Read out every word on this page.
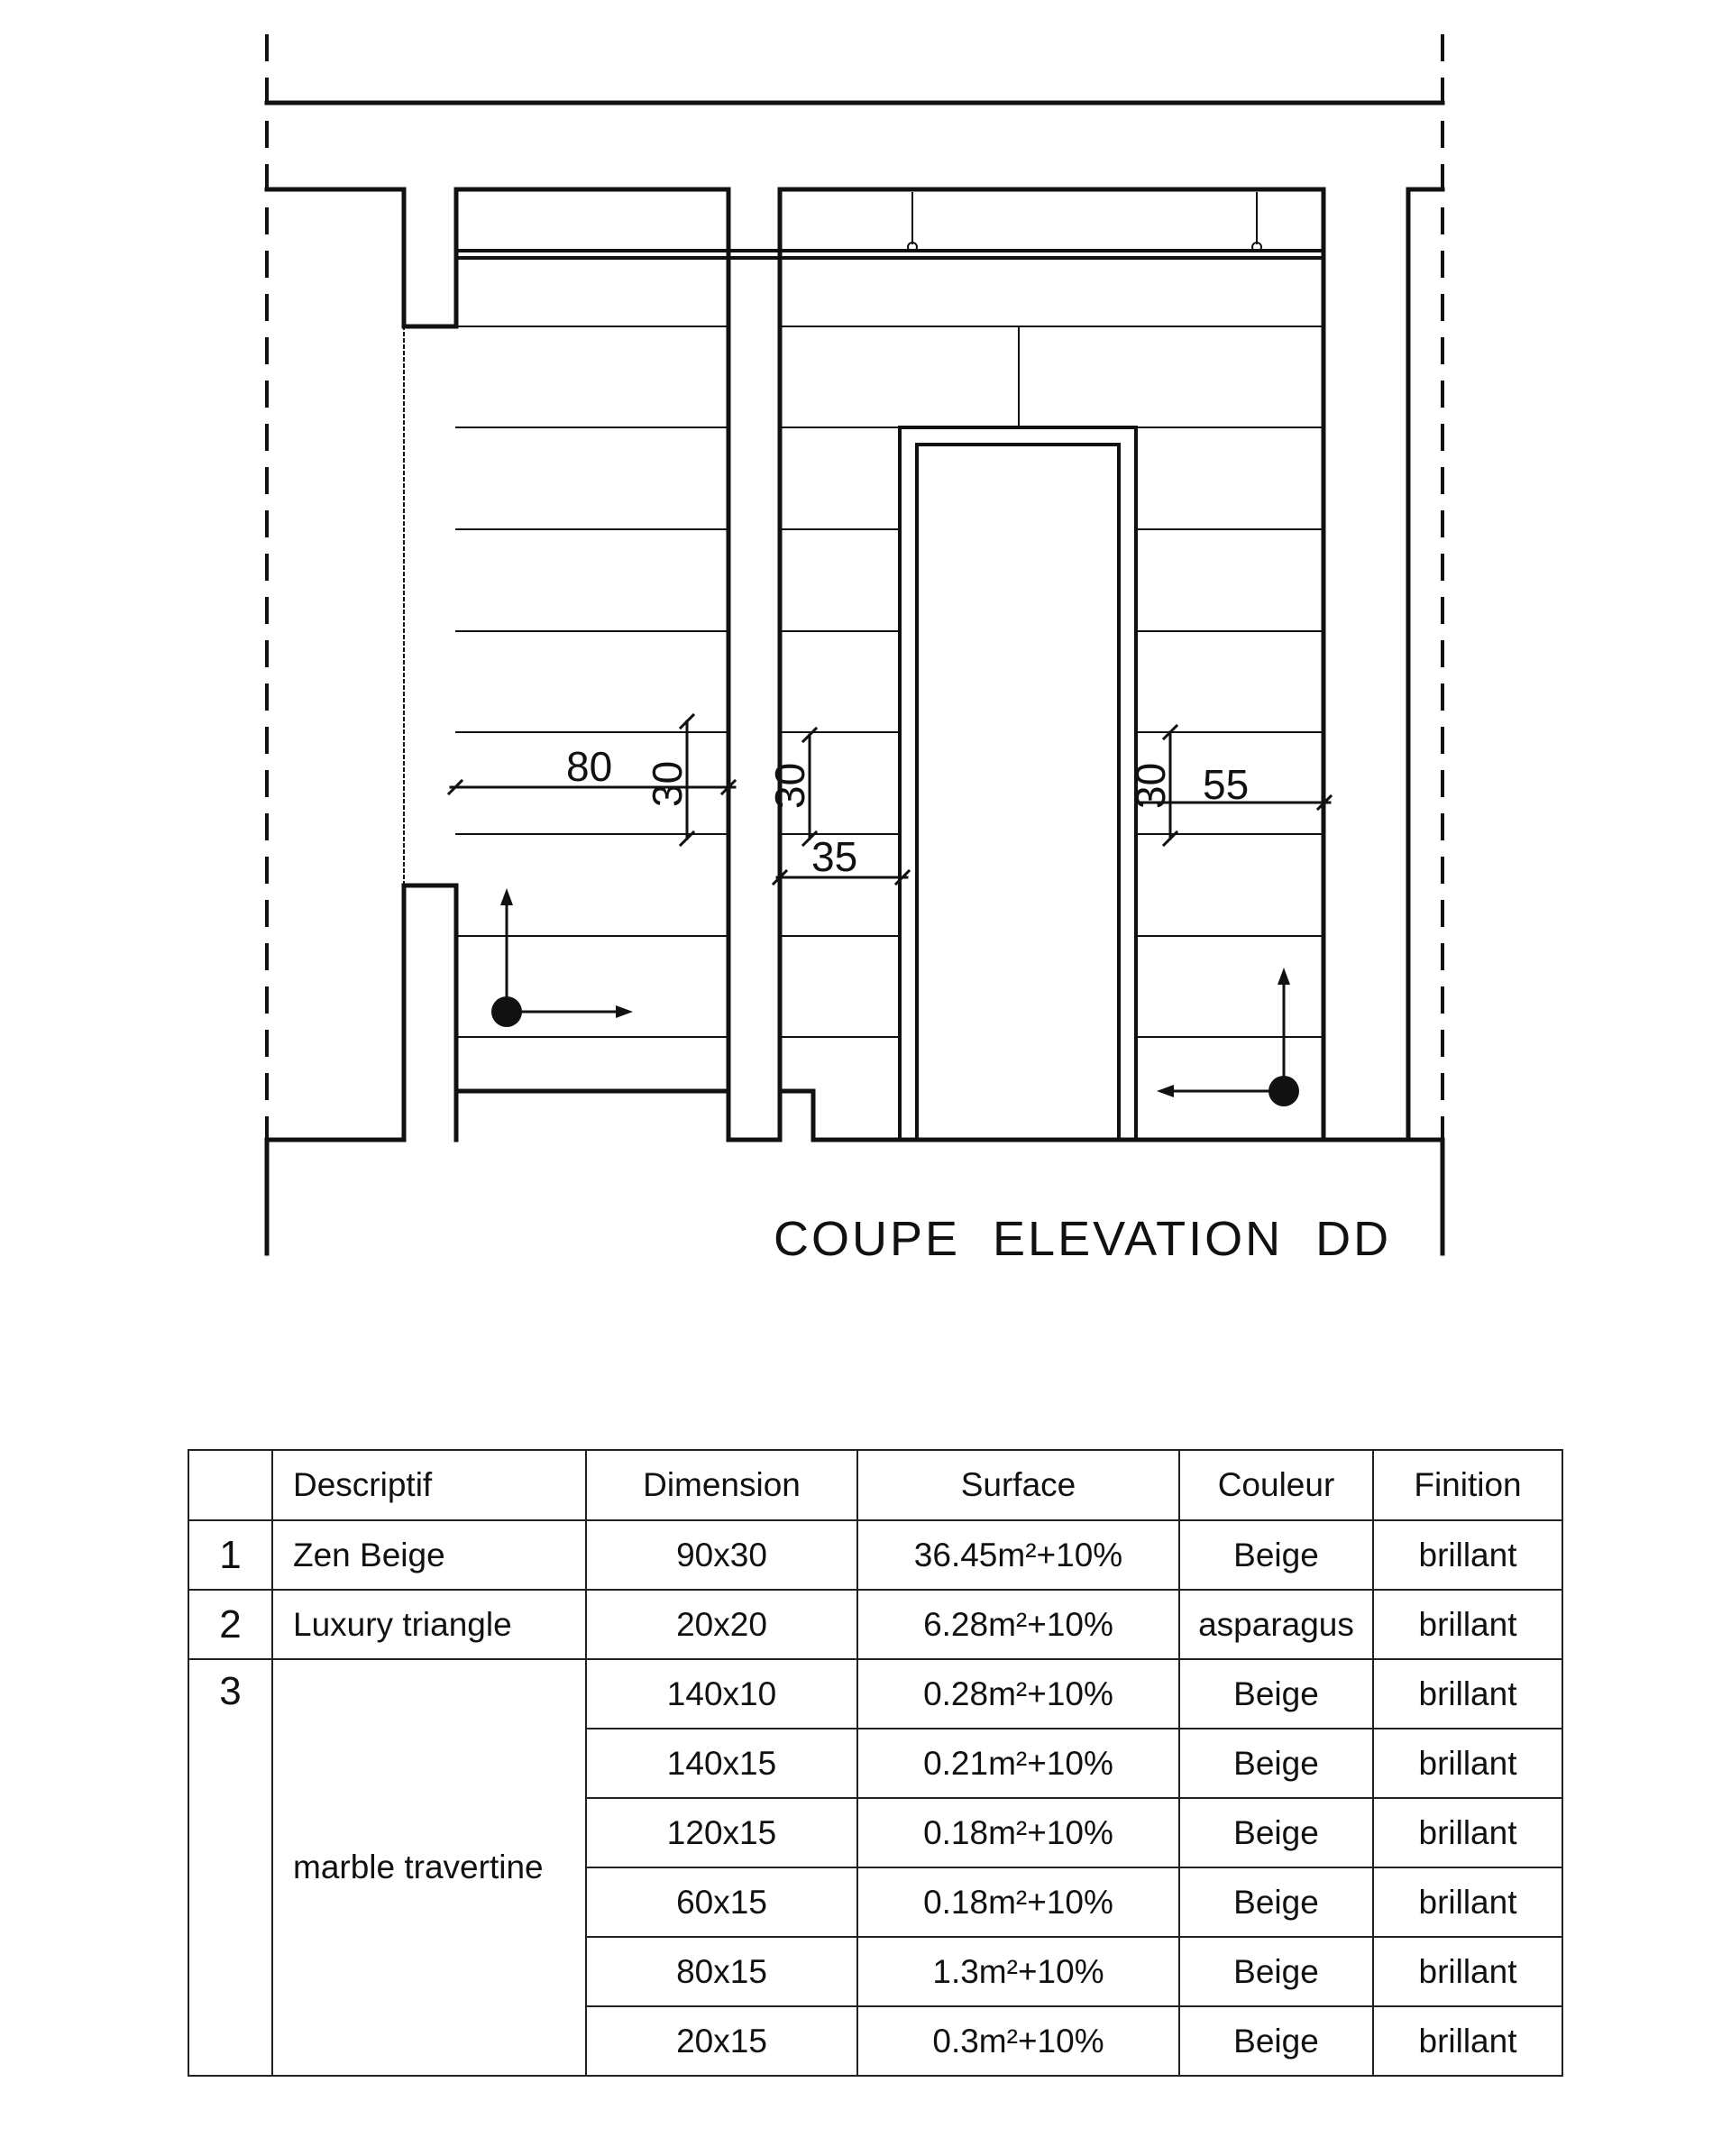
80 30 30
35
30 55
COUPE ELEVATION DD
	Descriptif	Dimension	Surface	Couleur	Finition
1	Zen Beige	90x30	36.45m²+10%	Beige	brillant
2	Luxury triangle	20x20	6.28m²+10%	asparagus	brillant
3	marble travertine	140x10	0.28m²+10%	Beige	brillant
		140x15	0.21m²+10%	Beige	brillant
		120x15	0.18m²+10%	Beige	brillant
		60x15	0.18m²+10%	Beige	brillant
		80x15	1.3m²+10%	Beige	brillant
		20x15	0.3m²+10%	Beige	brillant
